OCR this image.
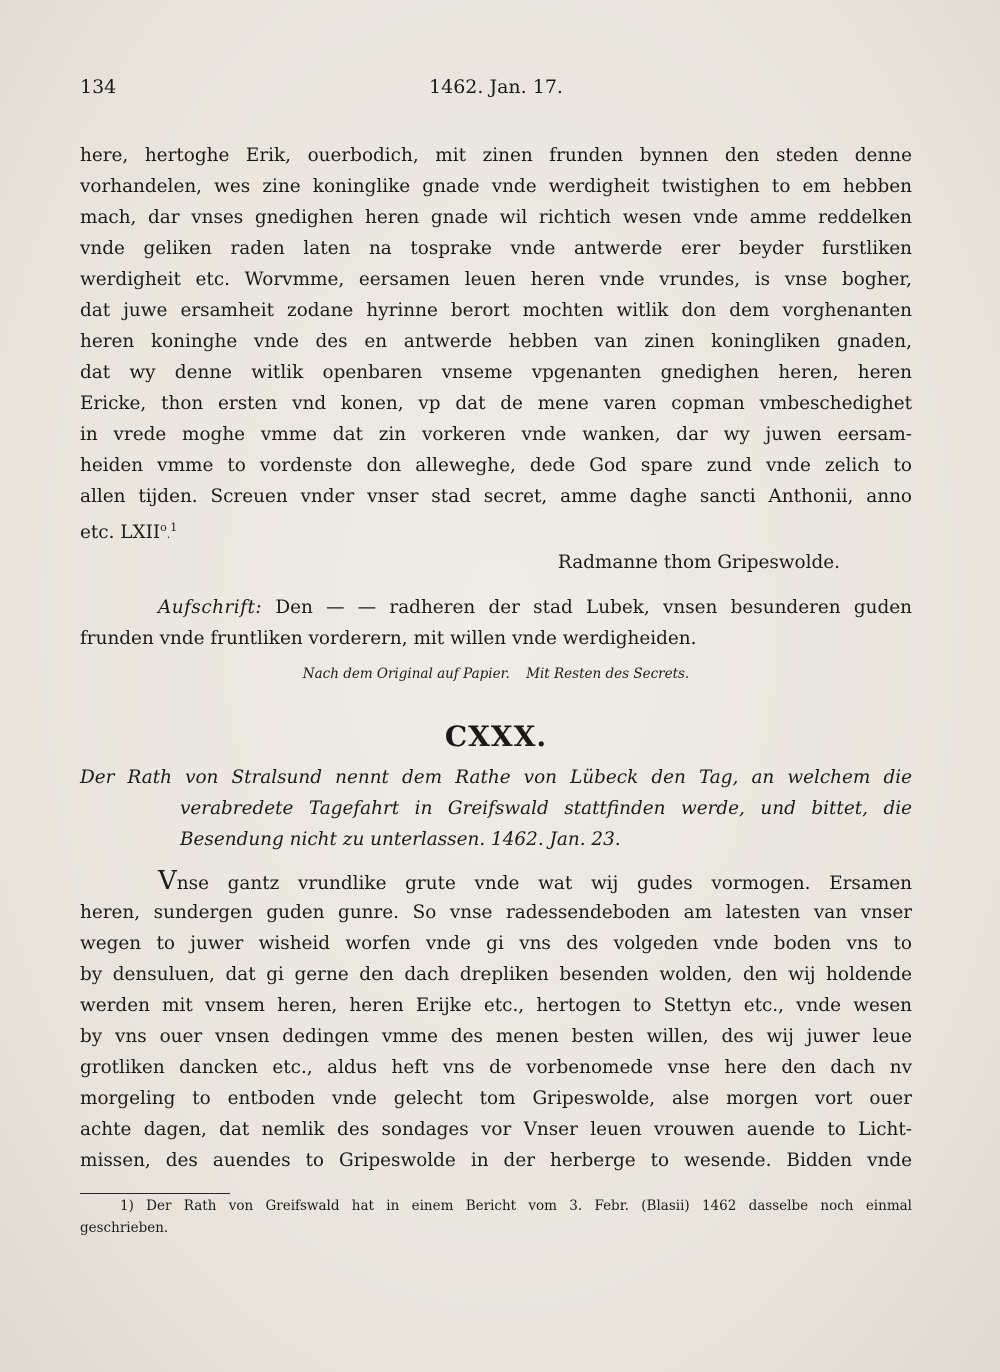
134	1462. Jan. 17.
here, hertoghe Erik, ouerbodich, mit zinen frunden bynnen den steden denne
vorhandelen, wes zine koninglike gnade vnde werdigheit twistighen to em hebben
mach, dar vnses gnedighen heren gnade wil richtich wesen vnde amme reddelken
vnde geliken raden laten na tosprake vnde antwerde erer beyder furstliken
werdigheit etc. Worvmme, eersamen leuen heren vnde vrundes, is vnse bogher,
dat juwe ersamheit zodane hyrinne berort mochten witlik don dem vorghenanten
heren koninghe vnde des en antwerde hebben van zinen koningliken gnaden,
dat wy denne witlik openbaren vnseme vpgenanten gnedighen heren, heren
Ericke, thon ersten vnd konen, vp dat de mene varen copman vmbeschedighet
in vrede moghe vmme dat zin vorkeren vnde wanken, dar wy juwen eersam-
heiden vmme to vordenste don alleweghe, dede God spare zund vnde zelich to
allen tijden. Screuen vnder vnser stad secret, amme daghe sancti Anthonii, anno
etc. LXII$^o$.$^1$
Radmanne thom Gripeswolde.
Aufschrift: Den — — radheren der stad Lubek, vnsen besunderen guden
frunden vnde fruntliken vorderern, mit willen vnde werdigheiden.
Nach dem Original auf Papier. Mit Resten des Secrets.
CXXX.
Der Rath von Stralsund nennt dem Rathe von Lübeck den Tag, an welchem die
verabredete Tagefahrt in Greifswald stattfinden werde, und bittet, die
Besendung nicht zu unterlassen. 1462. Jan. 23.
Vnse gantz vrundlike grute vnde wat wij gudes vormogen. Ersamen
heren, sundergen guden gunre. So vnse radessendeboden am latesten van vnser
wegen to juwer wisheid worfen vnde gi vns des volgeden vnde boden vns to
by densuluen, dat gi gerne den dach drepliken besenden wolden, den wij holdende
werden mit vnsem heren, heren Erijke etc., hertogen to Stettyn etc., vnde wesen
by vns ouer vnsen dedingen vmme des menen besten willen, des wij juwer leue
grotliken dancken etc., aldus heft vns de vorbenomede vnse here den dach nv
morgeling to entboden vnde gelecht tom Gripeswolde, alse morgen vort ouer
achte dagen, dat nemlik des sondages vor Vnser leuen vrouwen auende to Licht-
missen, des auendes to Gripeswolde in der herberge to wesende. Bidden vnde
1) Der Rath von Greifswald hat in einem Bericht vom 3. Febr. (Blasii) 1462 dasselbe noch einmal
geschrieben.
